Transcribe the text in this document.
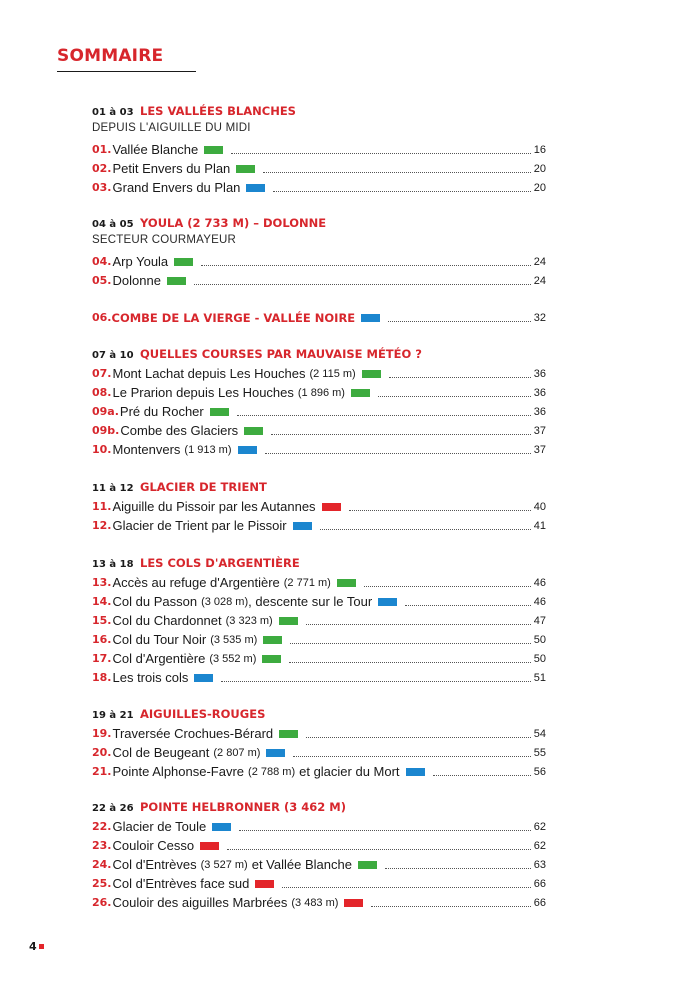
SOMMAIRE
01 à 03 LES VALLÉES BLANCHES
DEPUIS L'AIGUILLE DU MIDI
01. Vallée Blanche	16
02. Petit Envers du Plan	20
03. Grand Envers du Plan	20
04 à 05 YOULA (2 733 M) – DOLONNE
SECTEUR COURMAYEUR
04. Arp Youla	24
05. Dolonne	24
06. COMBE DE LA VIERGE - VALLÉE NOIRE	32
07 à 10 QUELLES COURSES PAR MAUVAISE MÉTÉO ?
07. Mont Lachat depuis Les Houches (2 115 m)	36
08. Le Prarion depuis Les Houches (1 896 m)	36
09a. Pré du Rocher	36
09b. Combe des Glaciers	37
10. Montenvers (1 913 m)	37
11 à 12 GLACIER DE TRIENT
11. Aiguille du Pissoir par les Autannes	40
12. Glacier de Trient par le Pissoir	41
13 à 18 LES COLS D'ARGENTIÈRE
13. Accès au refuge d'Argentière (2 771 m)	46
14. Col du Passon (3 028 m) , descente sur le Tour	46
15. Col du Chardonnet (3 323 m)	47
16. Col du Tour Noir (3 535 m)	50
17. Col d'Argentière (3 552 m)	50
18. Les trois cols	51
19 à 21 AIGUILLES-ROUGES
19. Traversée Crochues-Bérard	54
20. Col de Beugeant (2 807 m)	55
21. Pointe Alphonse-Favre (2 788 m) et glacier du Mort	56
22 à 26 POINTE HELBRONNER (3 462 M)
22. Glacier de Toule	62
23. Couloir Cesso	62
24. Col d'Entrèves (3 527 m) et Vallée Blanche	63
25. Col d'Entrèves face sud	66
26. Couloir des aiguilles Marbrées (3 483 m)	66
4
